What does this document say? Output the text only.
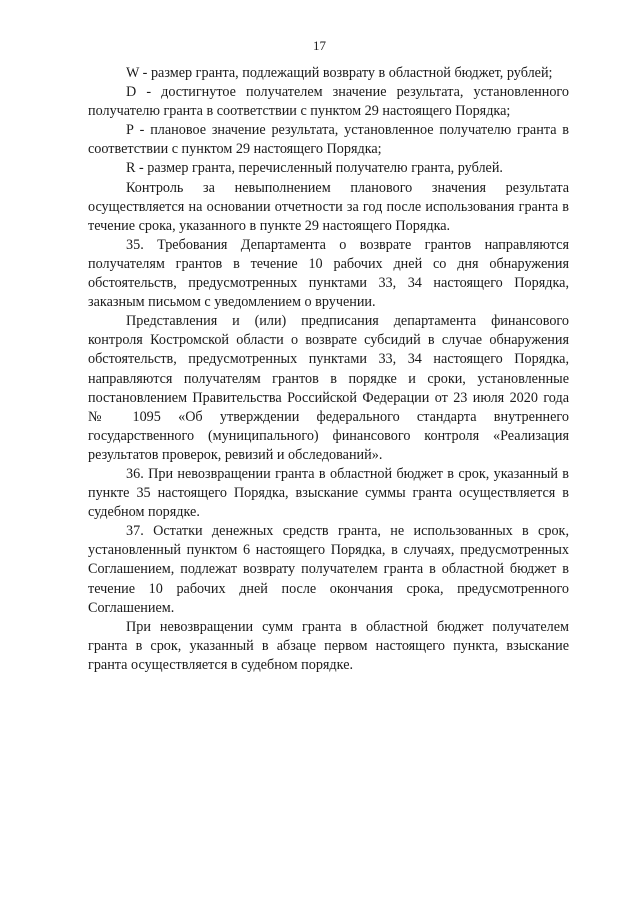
17

W - размер гранта, подлежащий возврату в областной бюджет, рублей;

D - достигнутое получателем значение результата, установленного получателю гранта в соответствии с пунктом 29 настоящего Порядка;

Р - плановое значение результата, установленное получателю гранта в соответствии с пунктом 29 настоящего Порядка;

R - размер гранта, перечисленный получателю гранта, рублей.

Контроль за невыполнением планового значения результата осуществляется на основании отчетности за год после использования гранта в течение срока, указанного в пункте 29 настоящего Порядка.

35. Требования Департамента о возврате грантов направляются получателям грантов в течение 10 рабочих дней со дня обнаружения обстоятельств, предусмотренных пунктами 33, 34 настоящего Порядка, заказным письмом с уведомлением о вручении.

Представления и (или) предписания департамента финансового контроля Костромской области о возврате субсидий в случае обнаружения обстоятельств, предусмотренных пунктами 33, 34 настоящего Порядка, направляются получателям грантов в порядке и сроки, установленные постановлением Правительства Российской Федерации от 23 июля 2020 года № 1095 «Об утверждении федерального стандарта внутреннего государственного (муниципального) финансового контроля «Реализация результатов проверок, ревизий и обследований».

36. При невозвращении гранта в областной бюджет в срок, указанный в пункте 35 настоящего Порядка, взыскание суммы гранта осуществляется в судебном порядке.

37. Остатки денежных средств гранта, не использованных в срок, установленный пунктом 6 настоящего Порядка, в случаях, предусмотренных Соглашением, подлежат возврату получателем гранта в областной бюджет в течение 10 рабочих дней после окончания срока, предусмотренного Соглашением.

При невозвращении сумм гранта в областной бюджет получателем гранта в срок, указанный в абзаце первом настоящего пункта, взыскание гранта осуществляется в судебном порядке.
